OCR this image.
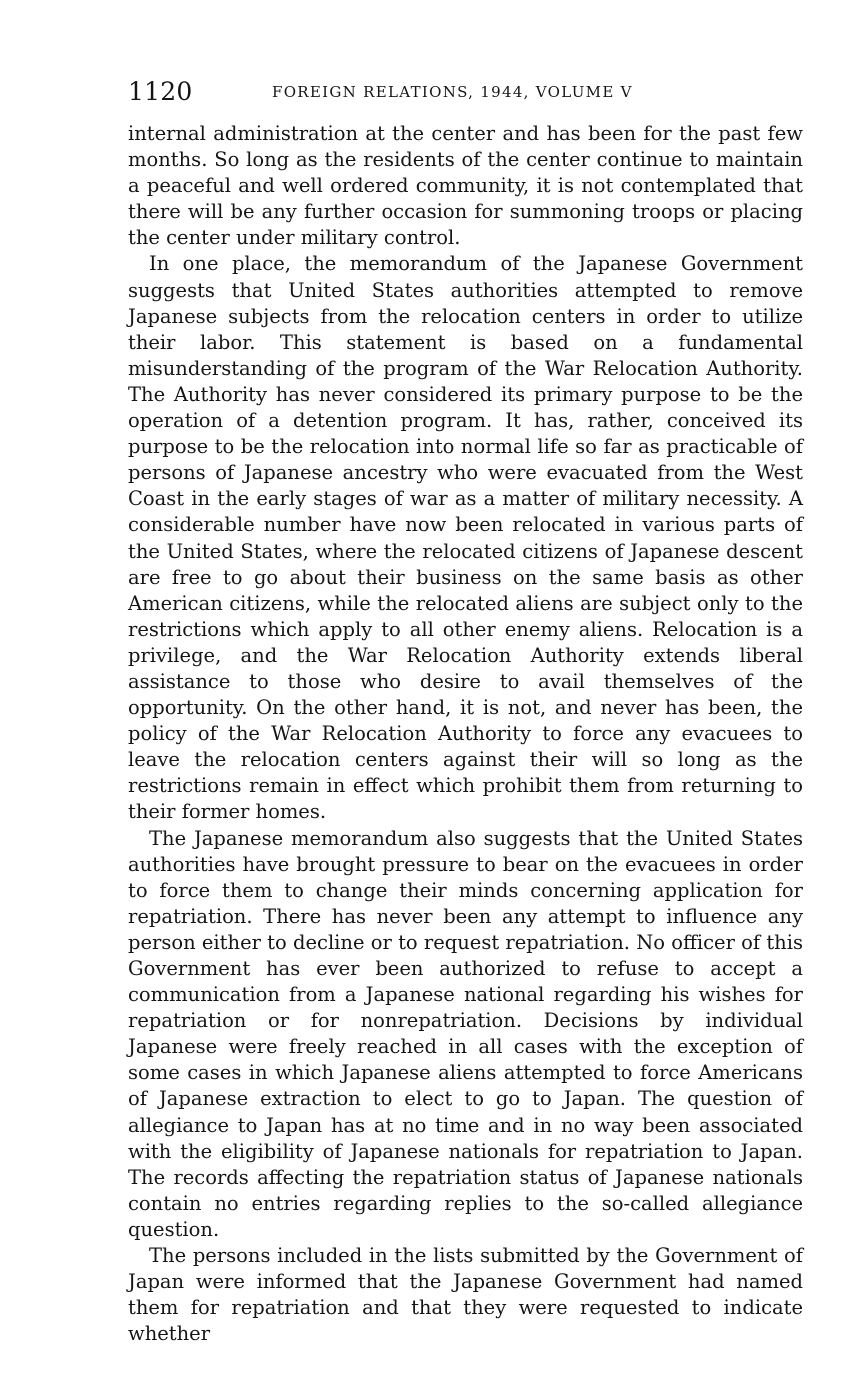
1120	FOREIGN RELATIONS, 1944, VOLUME V

internal administration at the center and has been for the past few months. So long as the residents of the center continue to maintain a peaceful and well ordered community, it is not contemplated that there will be any further occasion for summoning troops or placing the center under military control.

In one place, the memorandum of the Japanese Government suggests that United States authorities attempted to remove Japanese subjects from the relocation centers in order to utilize their labor. This statement is based on a fundamental misunderstanding of the program of the War Relocation Authority. The Authority has never considered its primary purpose to be the operation of a detention program. It has, rather, conceived its purpose to be the relocation into normal life so far as practicable of persons of Japanese ancestry who were evacuated from the West Coast in the early stages of war as a matter of military necessity. A considerable number have now been relocated in various parts of the United States, where the relocated citizens of Japanese descent are free to go about their business on the same basis as other American citizens, while the relocated aliens are subject only to the restrictions which apply to all other enemy aliens. Relocation is a privilege, and the War Relocation Authority extends liberal assistance to those who desire to avail themselves of the opportunity. On the other hand, it is not, and never has been, the policy of the War Relocation Authority to force any evacuees to leave the relocation centers against their will so long as the restrictions remain in effect which prohibit them from returning to their former homes.

The Japanese memorandum also suggests that the United States authorities have brought pressure to bear on the evacuees in order to force them to change their minds concerning application for repatriation. There has never been any attempt to influence any person either to decline or to request repatriation. No officer of this Government has ever been authorized to refuse to accept a communication from a Japanese national regarding his wishes for repatriation or for nonrepatriation. Decisions by individual Japanese were freely reached in all cases with the exception of some cases in which Japanese aliens attempted to force Americans of Japanese extraction to elect to go to Japan. The question of allegiance to Japan has at no time and in no way been associated with the eligibility of Japanese nationals for repatriation to Japan. The records affecting the repatriation status of Japanese nationals contain no entries regarding replies to the so-called allegiance question.

The persons included in the lists submitted by the Government of Japan were informed that the Japanese Government had named them for repatriation and that they were requested to indicate whether
